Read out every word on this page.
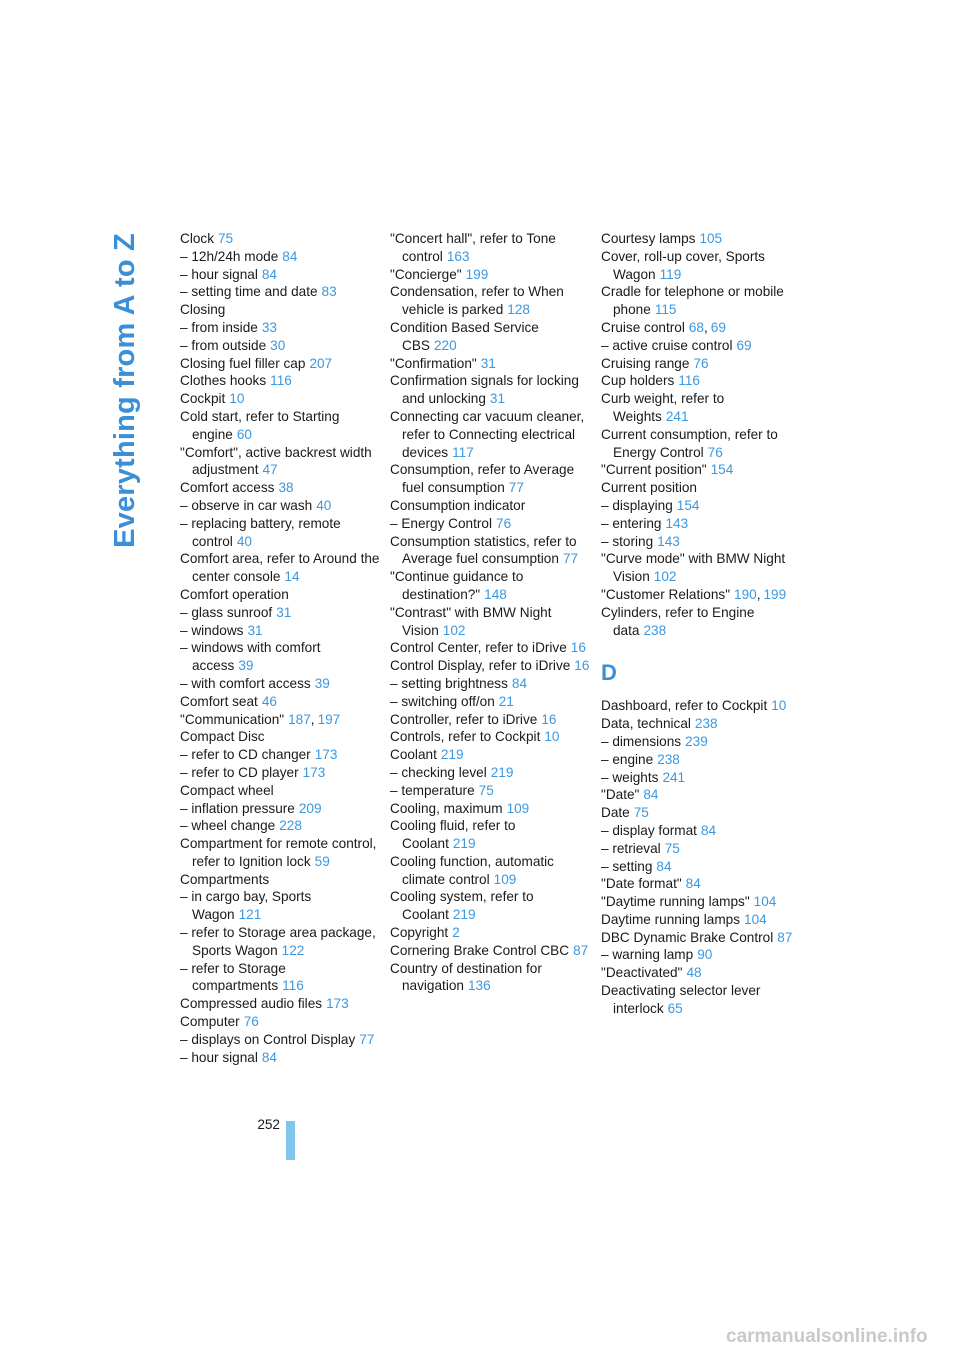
Everything from A to Z	Clock 75
– 12h/24h mode 84
– hour signal 84
– setting time and date 83
Closing
– from inside 33
– from outside 30
Closing fuel filler cap 207
Clothes hooks 116
Cockpit 10
Cold start, refer to Starting engine 60
"Comfort", active backrest width adjustment 47
Comfort access 38
– observe in car wash 40
– replacing battery, remote control 40
Comfort area, refer to Around the center console 14
Comfort operation
– glass sunroof 31
– windows 31
– windows with comfort access 39
– with comfort access 39
Comfort seat 46
"Communication" 187, 197
Compact Disc
– refer to CD changer 173
– refer to CD player 173
Compact wheel
– inflation pressure 209
– wheel change 228
Compartment for remote control, refer to Ignition lock 59
Compartments
– in cargo bay, Sports Wagon 121
– refer to Storage area package, Sports Wagon 122
– refer to Storage compartments 116
Compressed audio files 173
Computer 76
– displays on Control Display 77
– hour signal 84
"Concert hall", refer to Tone control 163
"Concierge" 199
Condensation, refer to When vehicle is parked 128
Condition Based Service CBS 220
"Confirmation" 31
Confirmation signals for locking and unlocking 31
Connecting car vacuum cleaner, refer to Connecting electrical devices 117
Consumption, refer to Average fuel consumption 77
Consumption indicator
– Energy Control 76
Consumption statistics, refer to Average fuel consumption 77
"Continue guidance to destination?" 148
"Contrast" with BMW Night Vision 102
Control Center, refer to iDrive 16
Control Display, refer to iDrive 16
– setting brightness 84
– switching off/on 21
Controller, refer to iDrive 16
Controls, refer to Cockpit 10
Coolant 219
– checking level 219
– temperature 75
Cooling, maximum 109
Cooling fluid, refer to Coolant 219
Cooling function, automatic climate control 109
Cooling system, refer to Coolant 219
Copyright 2
Cornering Brake Control CBC 87
Country of destination for navigation 136
Courtesy lamps 105
Cover, roll-up cover, Sports Wagon 119
Cradle for telephone or mobile phone 115
Cruise control 68, 69
– active cruise control 69
Cruising range 76
Cup holders 116
Curb weight, refer to Weights 241
Current consumption, refer to Energy Control 76
"Current position" 154
Current position
– displaying 154
– entering 143
– storing 143
"Curve mode" with BMW Night Vision 102
"Customer Relations" 190, 199
Cylinders, refer to Engine data 238
D
Dashboard, refer to Cockpit 10
Data, technical 238
– dimensions 239
– engine 238
– weights 241
"Date" 84
Date 75
– display format 84
– retrieval 75
– setting 84
"Date format" 84
"Daytime running lamps" 104
Daytime running lamps 104
DBC Dynamic Brake Control 87
– warning lamp 90
"Deactivated" 48
Deactivating selector lever interlock 65
252
carmanualsonline.info
